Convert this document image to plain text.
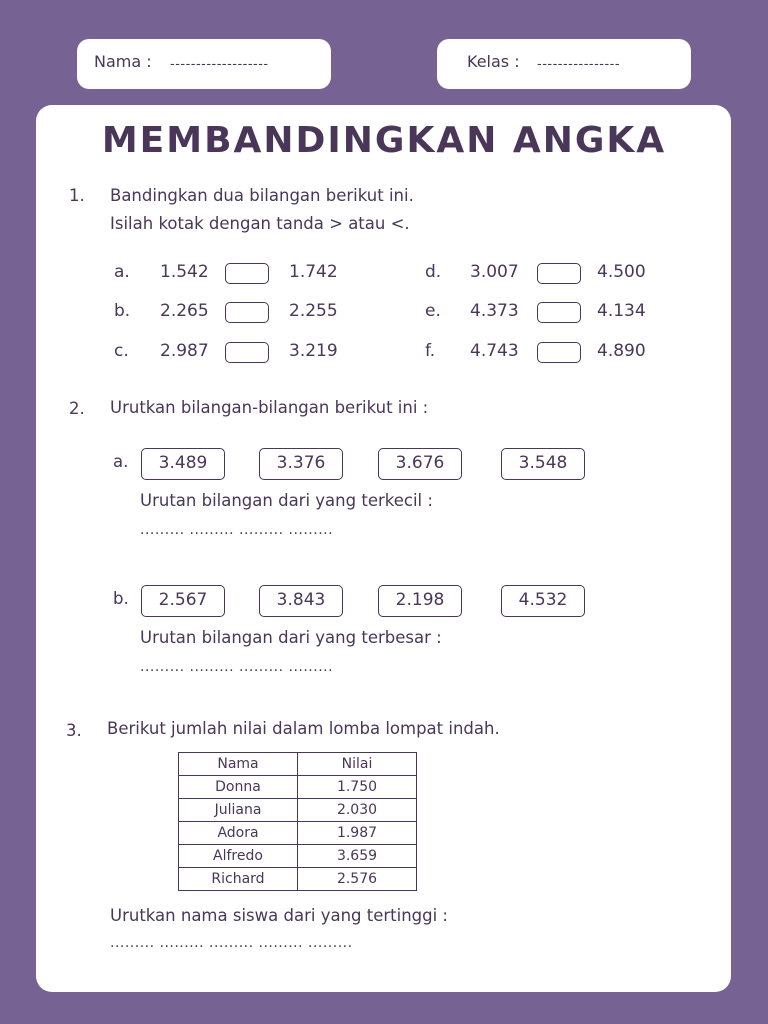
Nama : -------------------	Kelas : ----------------
MEMBANDINGKAN ANGKA
1. Bandingkan dua bilangan berikut ini.
Isilah kotak dengan tanda > atau <.
a. 1.542	1.742
b. 2.265	2.255
c. 2.987	3.219
d. 3.007	4.500
e. 4.373	4.134
f. 4.743	4.890
2. Urutkan bilangan-bilangan berikut ini :
a.	3.489	3.376	3.676	3.548
Urutan bilangan dari yang terkecil :
......... ......... ......... .........
b.	2.567	3.843	2.198	4.532
Urutan bilangan dari yang terbesar :
......... ......... ......... .........
3. Berikut jumlah nilai dalam lomba lompat indah.
Nama	Nilai
Donna	1.750
Juliana	2.030
Adora	1.987
Alfredo	3.659
Richard	2.576
Urutkan nama siswa dari yang tertinggi :
......... ......... ......... ......... .........
